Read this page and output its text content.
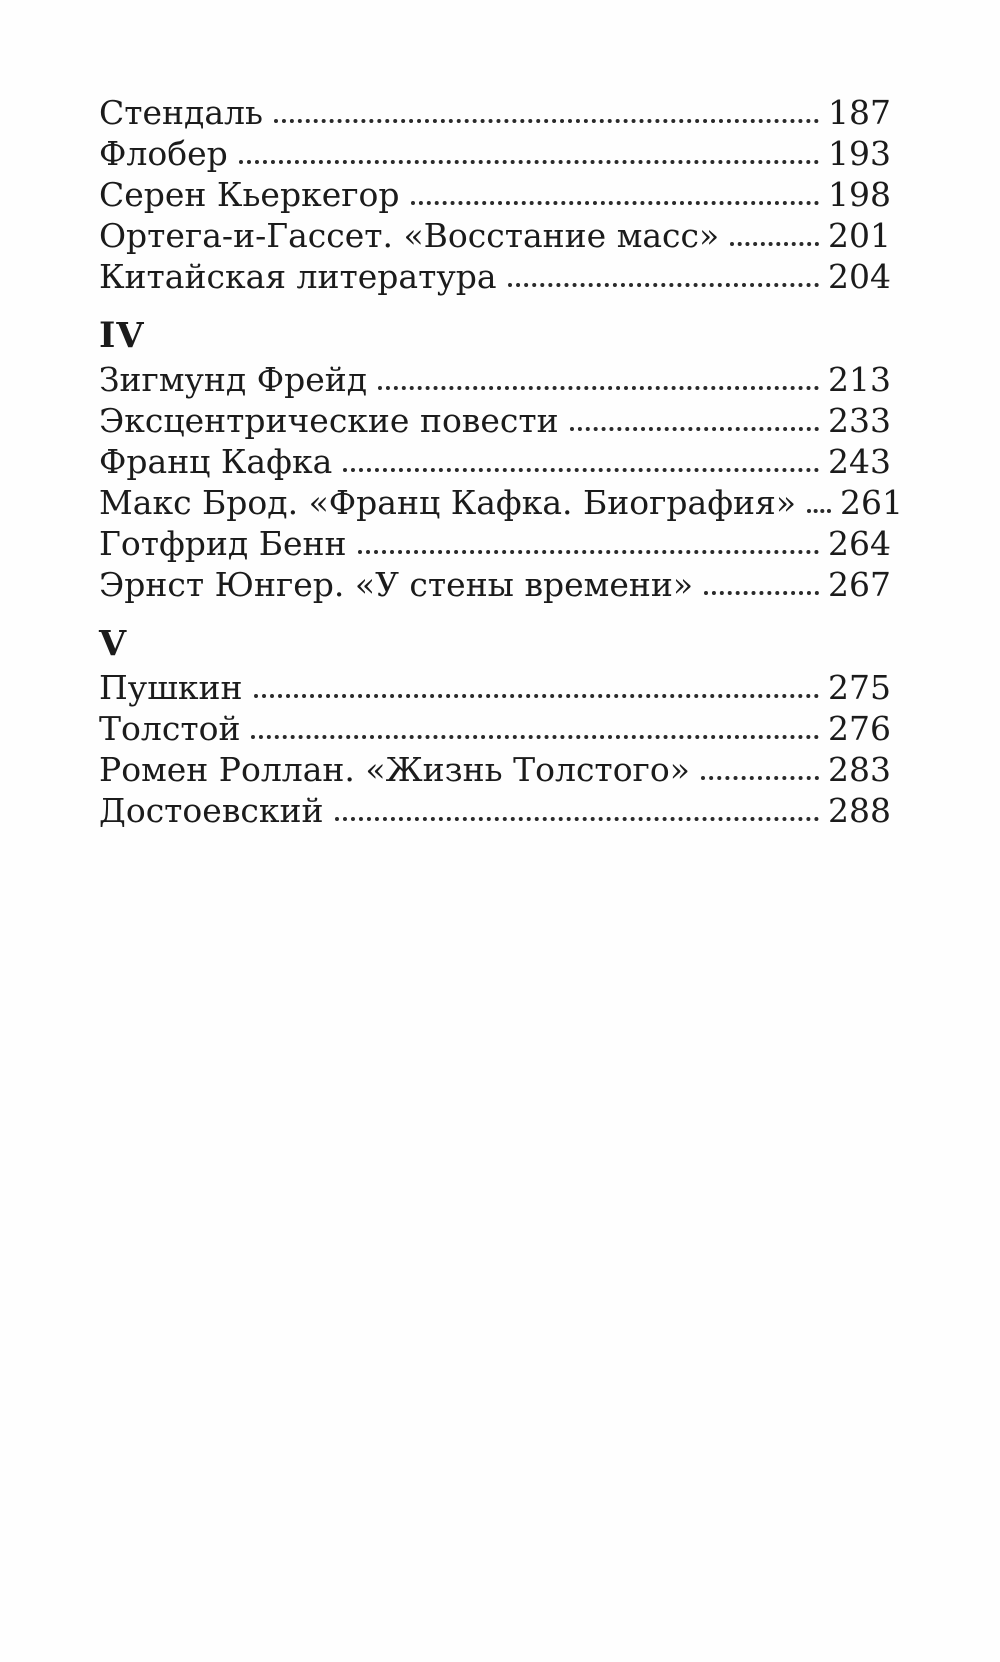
Стендаль	187
Флобер	193
Серен Кьеркегор	198
Ортега-и-Гассет. «Восстание масс»	201
Китайская литература	204
IV
Зигмунд Фрейд	213
Эксцентрические повести	233
Франц Кафка	243
Макс Брод. «Франц Кафка. Биография» 261
Готфрид Бенн	264
Эрнст Юнгер. «У стены времени»	267
V
Пушкин	275
Толстой	276
Ромен Роллан. «Жизнь Толстого»	283
Достоевский	288
